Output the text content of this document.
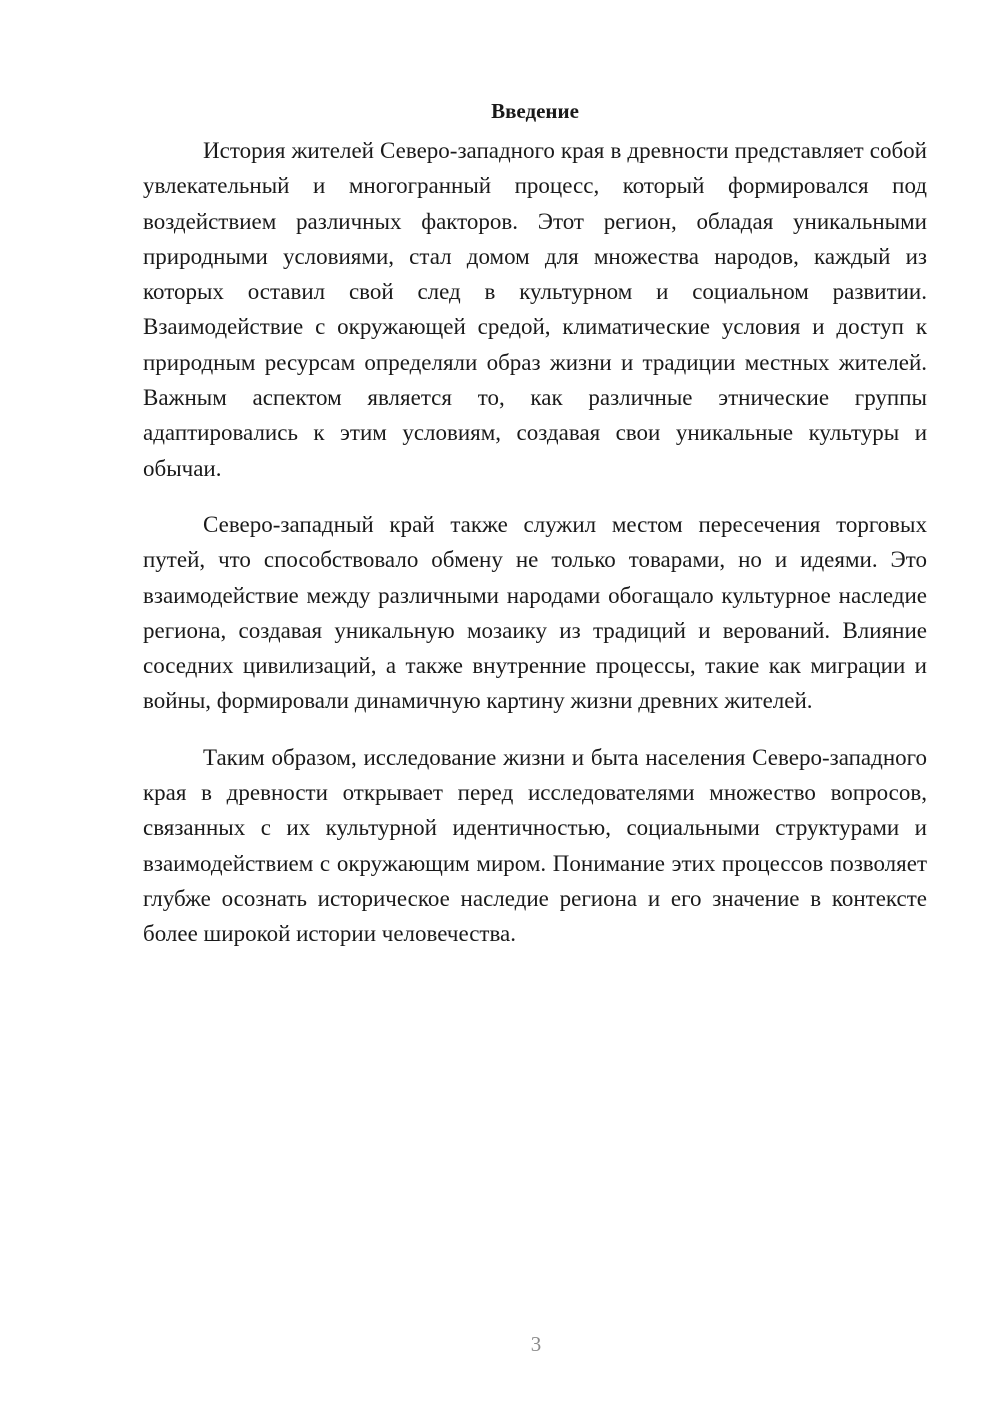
Введение

История жителей Северо-западного края в древности представляет собой увлекательный и многогранный процесс, который формировался под воздействием различных факторов. Этот регион, обладая уникальными природными условиями, стал домом для множества народов, каждый из которых оставил свой след в культурном и социальном развитии. Взаимодействие с окружающей средой, климатические условия и доступ к природным ресурсам определяли образ жизни и традиции местных жителей. Важным аспектом является то, как различные этнические группы адаптировались к этим условиям, создавая свои уникальные культуры и обычаи.

Северо-западный край также служил местом пересечения торговых путей, что способствовало обмену не только товарами, но и идеями. Это взаимодействие между различными народами обогащало культурное наследие региона, создавая уникальную мозаику из традиций и верований. Влияние соседних цивилизаций, а также внутренние процессы, такие как миграции и войны, формировали динамичную картину жизни древних жителей.

Таким образом, исследование жизни и быта населения Северо-западного края в древности открывает перед исследователями множество вопросов, связанных с их культурной идентичностью, социальными структурами и взаимодействием с окружающим миром. Понимание этих процессов позволяет глубже осознать историческое наследие региона и его значение в контексте более широкой истории человечества.

3
